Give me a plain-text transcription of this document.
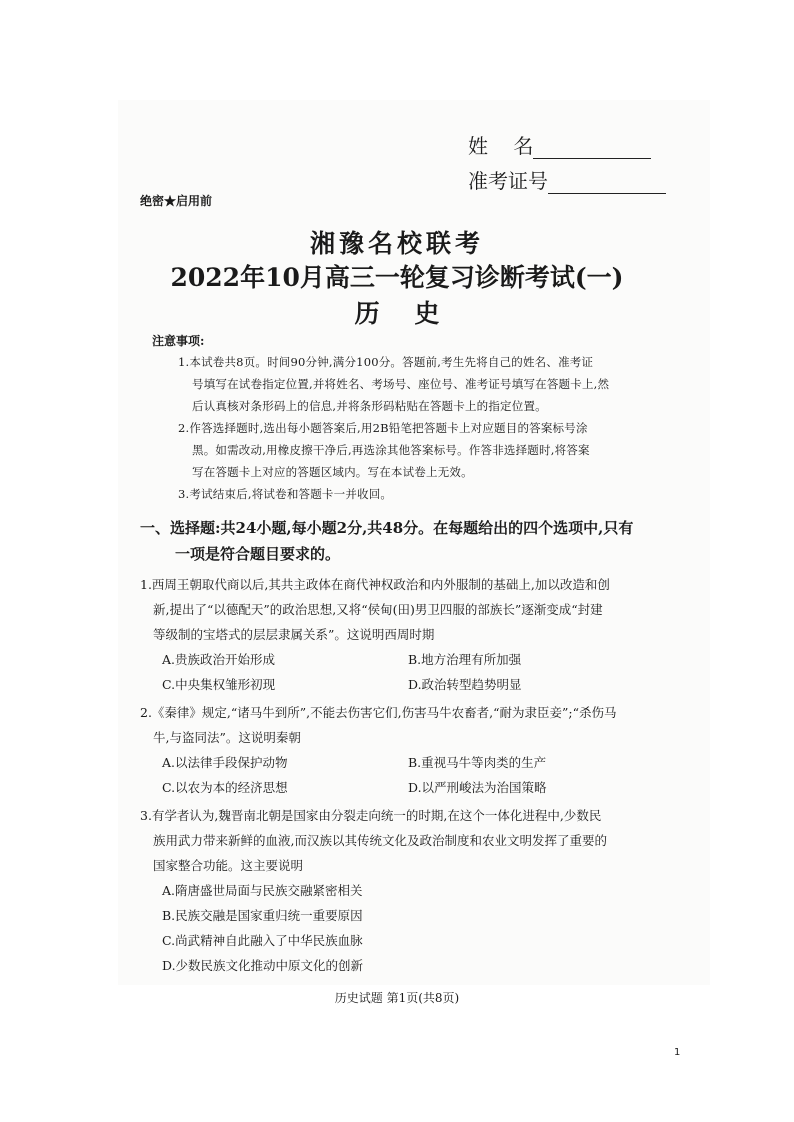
姓    名
准考证号
绝密★启用前
湘豫名校联考
2022年10月高三一轮复习诊断考试(一)
历    史
注意事项:
1.本试卷共8页。时间90分钟,满分100分。答题前,考生先将自己的姓名、准考证
号填写在试卷指定位置,并将姓名、考场号、座位号、准考证号填写在答题卡上,然
后认真核对条形码上的信息,并将条形码粘贴在答题卡上的指定位置。
2.作答选择题时,选出每小题答案后,用2B铅笔把答题卡上对应题目的答案标号涂
黑。如需改动,用橡皮擦干净后,再选涂其他答案标号。作答非选择题时,将答案
写在答题卡上对应的答题区域内。写在本试卷上无效。
3.考试结束后,将试卷和答题卡一并收回。
一、选择题:共24小题,每小题2分,共48分。在每题给出的四个选项中,只有
一项是符合题目要求的。
1.西周王朝取代商以后,其共主政体在商代神权政治和内外服制的基础上,加以改造和创
新,提出了“以德配天”的政治思想,又将“侯甸(田)男卫四服的部族长”逐渐变成“封建
等级制的宝塔式的层层隶属关系”。这说明西周时期
A.贵族政治开始形成	B.地方治理有所加强
C.中央集权雏形初现	D.政治转型趋势明显
2.《秦律》规定,“诸马牛到所”,不能去伤害它们,伤害马牛农畜者,“耐为隶臣妾”;“杀伤马
牛,与盗同法”。这说明秦朝
A.以法律手段保护动物	B.重视马牛等肉类的生产
C.以农为本的经济思想	D.以严刑峻法为治国策略
3.有学者认为,魏晋南北朝是国家由分裂走向统一的时期,在这个一体化进程中,少数民
族用武力带来新鲜的血液,而汉族以其传统文化及政治制度和农业文明发挥了重要的
国家整合功能。这主要说明
A.隋唐盛世局面与民族交融紧密相关
B.民族交融是国家重归统一重要原因
C.尚武精神自此融入了中华民族血脉
D.少数民族文化推动中原文化的创新
历史试题 第1页(共8页)
1
